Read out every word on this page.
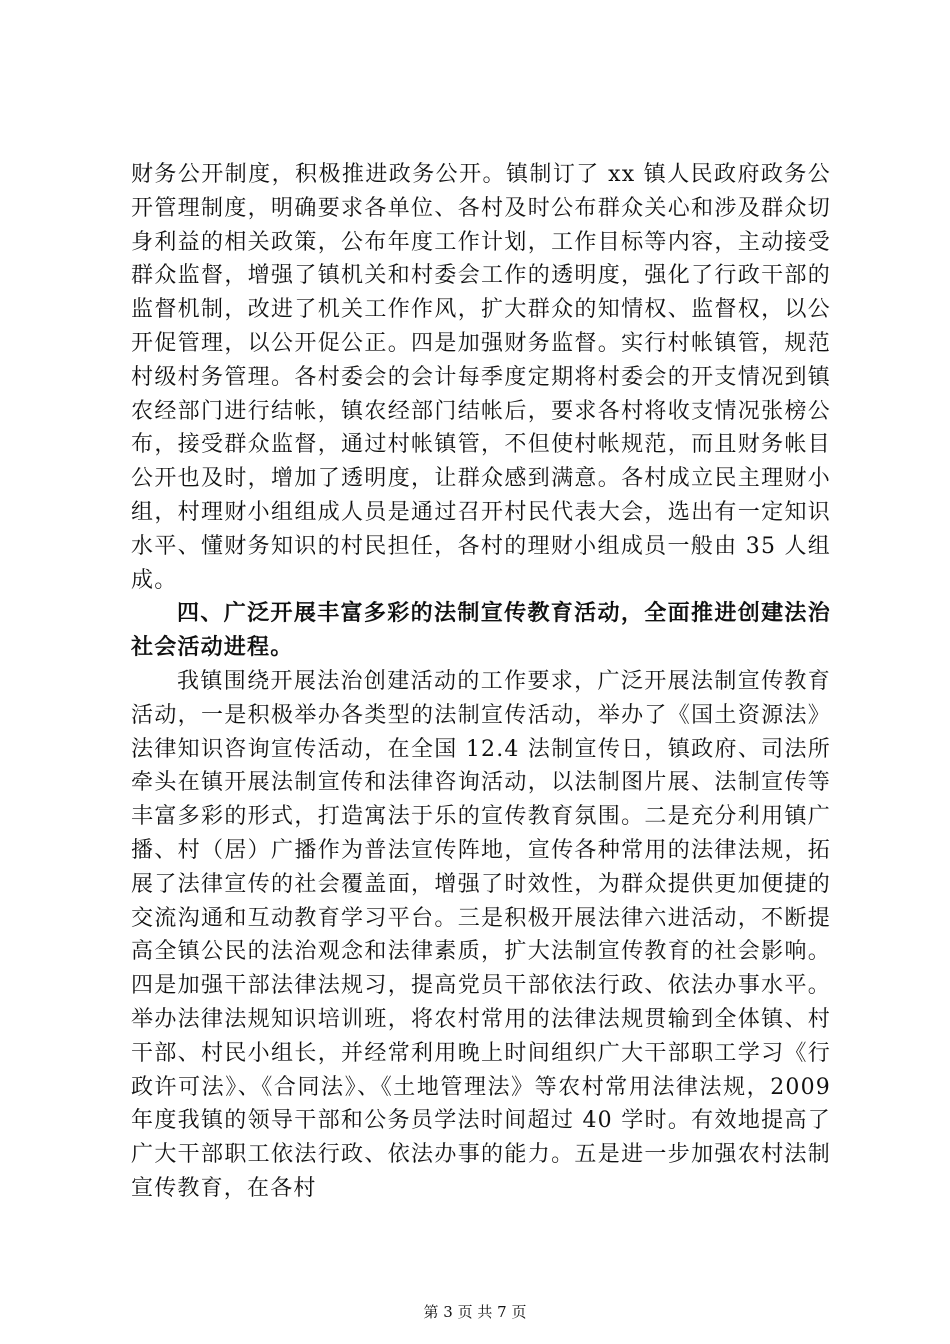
财务公开制度，积极推进政务公开。镇制订了 xx 镇人民政府政务公开管理制度，明确要求各单位、各村及时公布群众关心和涉及群众切身利益的相关政策，公布年度工作计划，工作目标等内容，主动接受群众监督，增强了镇机关和村委会工作的透明度，强化了行政干部的监督机制，改进了机关工作作风，扩大群众的知情权、监督权，以公开促管理，以公开促公正。四是加强财务监督。实行村帐镇管，规范村级村务管理。各村委会的会计每季度定期将村委会的开支情况到镇农经部门进行结帐，镇农经部门结帐后，要求各村将收支情况张榜公布，接受群众监督，通过村帐镇管，不但使村帐规范，而且财务帐目公开也及时，增加了透明度，让群众感到满意。各村成立民主理财小组，村理财小组组成人员是通过召开村民代表大会，选出有一定知识水平、懂财务知识的村民担任，各村的理财小组成员一般由 35 人组成。

四、广泛开展丰富多彩的法制宣传教育活动，全面推进创建法治社会活动进程。

我镇围绕开展法治创建活动的工作要求，广泛开展法制宣传教育活动，一是积极举办各类型的法制宣传活动，举办了《国土资源法》法律知识咨询宣传活动，在全国 12.4 法制宣传日，镇政府、司法所牵头在镇开展法制宣传和法律咨询活动，以法制图片展、法制宣传等丰富多彩的形式，打造寓法于乐的宣传教育氛围。二是充分利用镇广播、村（居）广播作为普法宣传阵地，宣传各种常用的法律法规，拓展了法律宣传的社会覆盖面，增强了时效性，为群众提供更加便捷的交流沟通和互动教育学习平台。三是积极开展法律六进活动，不断提高全镇公民的法治观念和法律素质，扩大法制宣传教育的社会影响。四是加强干部法律法规习，提高党员干部依法行政、依法办事水平。举办法律法规知识培训班，将农村常用的法律法规贯输到全体镇、村干部、村民小组长，并经常利用晚上时间组织广大干部职工学习《行政许可法》、《合同法》、《土地管理法》等农村常用法律法规，2009 年度我镇的领导干部和公务员学法时间超过 40 学时。有效地提高了广大干部职工依法行政、依法办事的能力。五是进一步加强农村法制宣传教育，在各村

第 3 页 共 7 页
